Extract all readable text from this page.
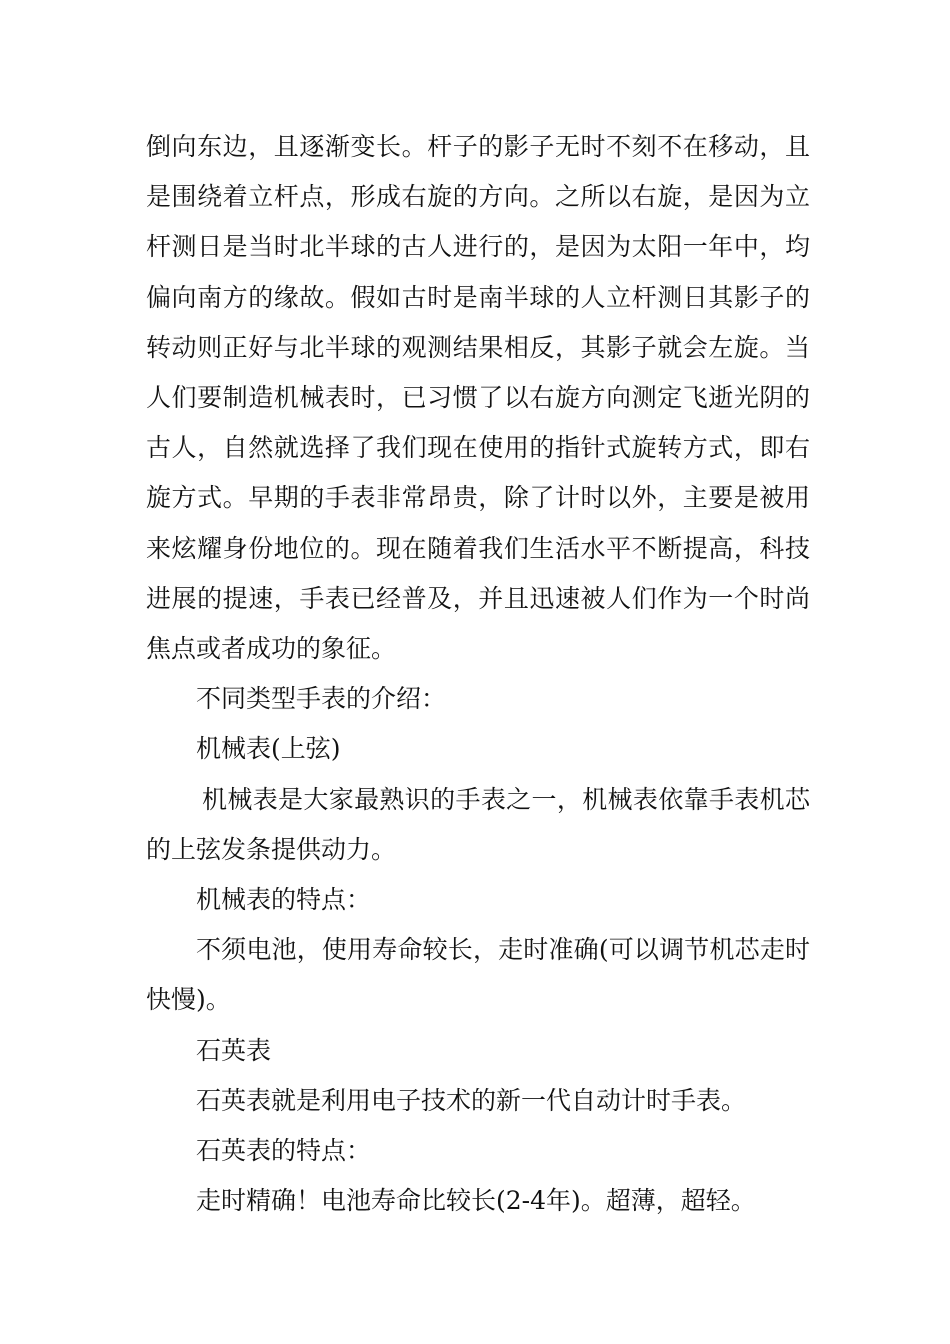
倒向东边，且逐渐变长。杆子的影子无时不刻不在移动，且是围绕着立杆点，形成右旋的方向。之所以右旋，是因为立杆测日是当时北半球的古人进行的，是因为太阳一年中，均偏向南方的缘故。假如古时是南半球的人立杆测日其影子的转动则正好与北半球的观测结果相反，其影子就会左旋。当人们要制造机械表时，已习惯了以右旋方向测定飞逝光阴的古人，自然就选择了我们现在使用的指针式旋转方式，即右旋方式。早期的手表非常昂贵，除了计时以外，主要是被用来炫耀身份地位的。现在随着我们生活水平不断提高，科技进展的提速，手表已经普及，并且迅速被人们作为一个时尚焦点或者成功的象征。

不同类型手表的介绍：

机械表(上弦)

机械表是大家最熟识的手表之一，机械表依靠手表机芯的上弦发条提供动力。

机械表的特点：

不须电池，使用寿命较长，走时准确(可以调节机芯走时快慢)。

石英表

石英表就是利用电子技术的新一代自动计时手表。

石英表的特点：

走时精确！电池寿命比较长(2-4年)。超薄，超轻。
